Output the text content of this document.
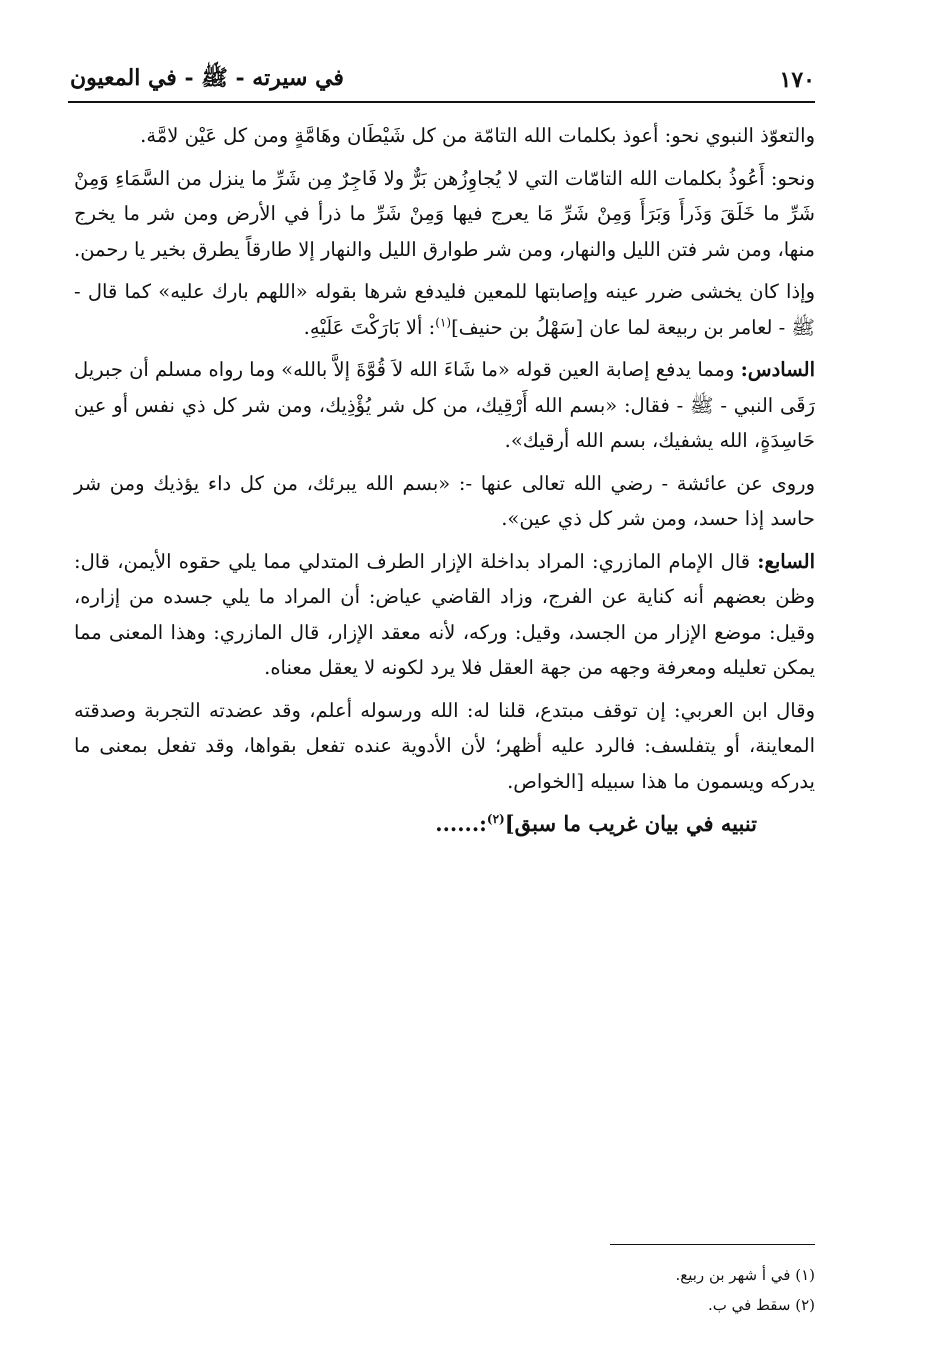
١٧٠
في سيرته - ﷺ - في المعيون

والتعوّذ النبوي نحو: أعوذ بكلمات الله التامّة من كل شَيْطَان وهَامَّةٍ ومن كل عَيْن لامَّة.

ونحو: أَعُوذُ بكلمات الله التامّات التي لا يُجاوِزُهن بَرٌّ ولا فَاجِرٌ مِن شَرِّ ما ينزل من السَّمَاءِ وَمِنْ شَرِّ ما خَلَقَ وَذَرأَ وَبَرَأَ وَمِنْ شَرِّ مَا يعرج فيها وَمِنْ شَرِّ ما ذرأ في الأرض ومن شر ما يخرج منها، ومن شر فتن الليل والنهار، ومن شر طوارق الليل والنهار إلا طارقاً يطرق بخير يا رحمن.

وإذا كان يخشى ضرر عينه وإصابتها للمعين فليدفع شرها بقوله «اللهم بارك عليه» كما قال - ﷺ - لعامر بن ربيعة لما عان [سَهْلُ بن حنيف]$^{(١)}$: ألا بَارَكْتَ عَلَيْهِ.

السادس: ومما يدفع إصابة العين قوله «ما شَاءَ الله لاَ قُوَّةَ إلاَّ بالله» وما رواه مسلم أن جبريل رَقَى النبي - ﷺ - فقال: «بسم الله أَرْقِيك، من كل شر يُؤْذِيك، ومن شر كل ذي نفس أو عين حَاسِدَةٍ، الله يشفيك، بسم الله أرقيك».

وروى عن عائشة - رضي الله تعالى عنها -: «بسم الله يبرئك، من كل داء يؤذيك ومن شر حاسد إذا حسد، ومن شر كل ذي عين».

السابع: قال الإمام المازري: المراد بداخلة الإزار الطرف المتدلي مما يلي حقوه الأيمن، قال: وظن بعضهم أنه كناية عن الفرج، وزاد القاضي عياض: أن المراد ما يلي جسده من إزاره، وقيل: موضع الإزار من الجسد، وقيل: وركه، لأنه معقد الإزار، قال المازري: وهذا المعنى مما يمكن تعليله ومعرفة وجهه من جهة العقل فلا يرد لكونه لا يعقل معناه.

وقال ابن العربي: إن توقف مبتدع، قلنا له: الله ورسوله أعلم، وقد عضدته التجربة وصدقته المعاينة، أو يتفلسف: فالرد عليه أظهر؛ لأن الأدوية عنده تفعل بقواها، وقد تفعل بمعنى ما يدركه ويسمون ما هذا سبيله [الخواص.

تنبيه في بيان غريب ما سبق]$^{(٢)}$:......

(١) في أ شهر بن ربيع.

(٢) سقط في ب.
